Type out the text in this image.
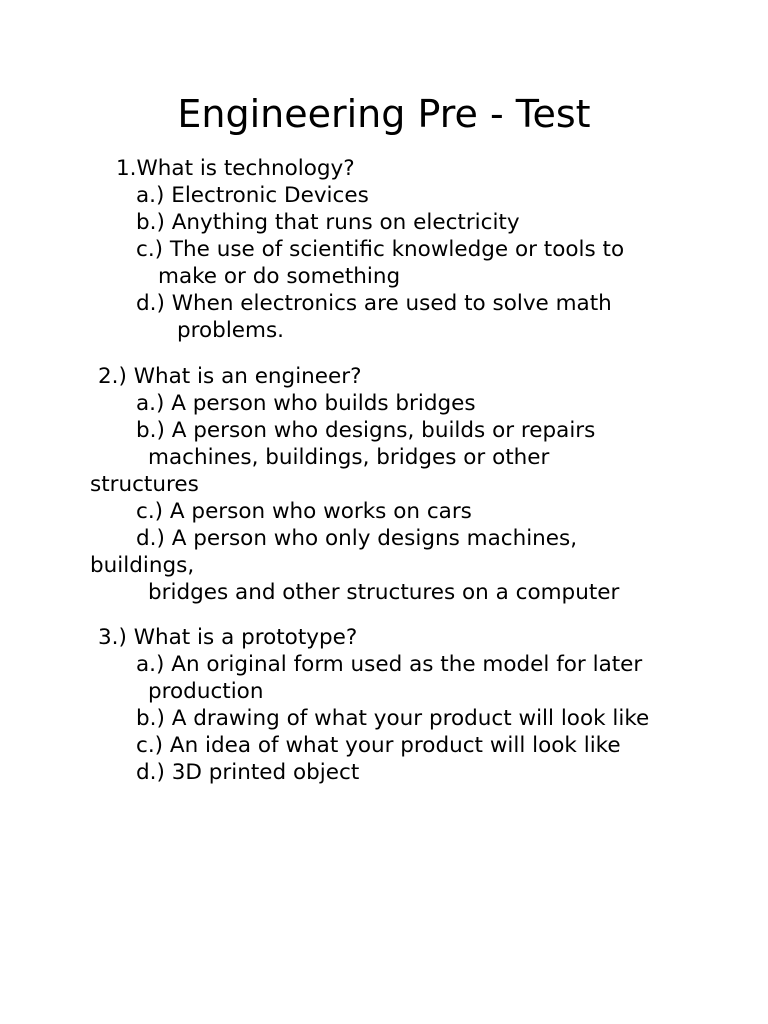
Engineering Pre - Test
1.What is technology?
a.) Electronic Devices
b.) Anything that runs on electricity
c.) The use of scientific knowledge or tools to
make or do something
d.) When electronics are used to solve math
problems.
2.) What is an engineer?
a.) A person who builds bridges
b.) A person who designs, builds or repairs
machines, buildings, bridges or other
structures
c.) A person who works on cars
d.) A person who only designs machines,
buildings,
bridges and other structures on a computer
3.) What is a prototype?
a.) An original form used as the model for later
production
b.) A drawing of what your product will look like
c.) An idea of what your product will look like
d.) 3D printed object
